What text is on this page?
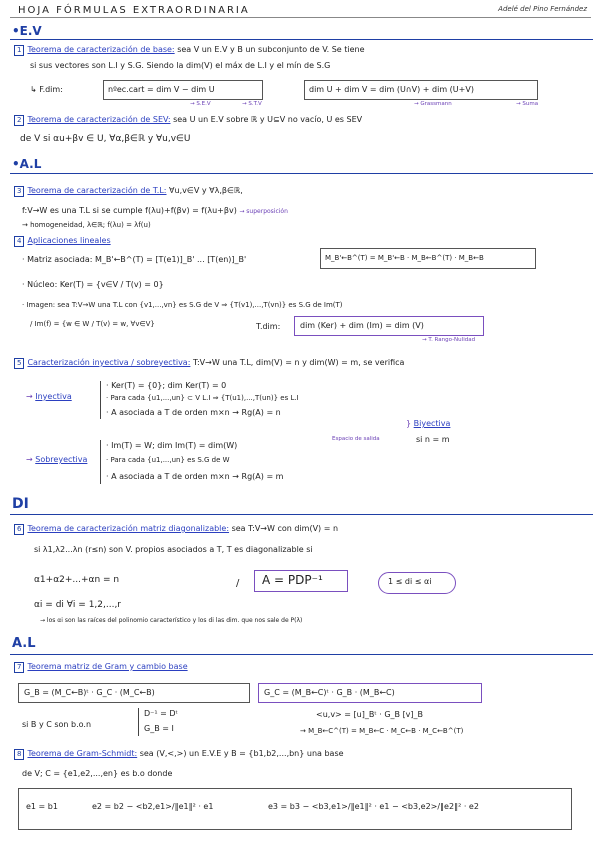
HOJA FÓRMULAS EXTRAORDINARIA	Adelé del Pino Fernández
•E.V
1 Teorema de caracterización de base: sea V un E.V y B un subconjunto de V. Se tiene
si sus vectores son L.I y S.G. Siendo la dim(V) el máx de L.I y el mín de S.G
↳ F.dim:	nºec.cart = dim V − dim U
→ S.E.V	→ S.T.V
dim U + dim V = dim (U∩V) + dim (U+V)
→ Grassmann	→ Suma
2 Teorema de caracterización de SEV: sea U un E.V sobre ℝ y U⊆V no vacío, U es SEV
de V si αu+βv ∈ U, ∀α,β∈ℝ y ∀u,v∈U
•A.L
3 Teorema de caracterización de T.L: ∀u,v∈V y ∀λ,β∈ℝ,
f:V→W es una T.L si se cumple f(λu)+f(βv) = f(λu+βv) → superposición
→ homogeneidad, λ∈ℝ; f(λu) = λf(u)
4 Aplicaciones lineales
· Matriz asociada: M_B'←B^(T) = [T(e1)]_B' ... [T(en)]_B'	M_B'←B^(T) = M_B'←B · M_B←B^(T) · M_B←B
· Núcleo: Ker(T) = {v∈V / T(v) = 0}
· Imagen: sea T:V→W una T.L con {v1,...,vn} es S.G de V ⇒ {T(v1),...,T(vn)} es S.G de Im(T)
/ Im(f) = {w ∈ W / T(v) = w, ∀v∈V}	T.dim: dim (Ker) + dim (Im) = dim (V)
→ T. Rango-Nulidad
5 Caracterización inyectiva / sobreyectiva: T:V→W una T.L, dim(V) = n y dim(W) = m, se verifica
→ Inyectiva
· Ker(T) = {0}; dim Ker(T) = 0
· Para cada {u1,...,un} ⊂ V L.I ⇒ {T(u1),...,T(un)} es L.I
· A asociada a T de orden m×n → Rg(A) = n
} Biyectiva
si n = m
→ Sobreyectiva
· Im(T) = W; dim Im(T) = dim(W)
Espacio de salida
· Para cada {u1,...,un} es S.G de W
· A asociada a T de orden m×n → Rg(A) = m
DI
6 Teorema de caracterización matriz diagonalizable: sea T:V→W con dim(V) = n
si λ1,λ2...λn (r≤n) son V. propios asociados a T, T es diagonalizable si
α1+α2+...+αn = n
αi = di ∀i = 1,2,...,r
/ A = PDP⁻¹	1 ≤ di ≤ αi
→ los αi son las raíces del polinomio característico y los di las dim. que nos sale de P(λ)
A.L
7 Teorema matriz de Gram y cambio base
G_B = (M_C←B)ᵗ · G_C · (M_C←B)	G_C = (M_B←C)ᵗ · G_B · (M_B←C)
si B y C son b.o.n
D⁻¹ = Dᵗ
G_B = I
<u,v> = [u]_Bᵗ · G_B [v]_B
→ M_B←C^(T) = M_B←C · M_C←B · M_C←B^(T)
8 Teorema de Gram-Schmidt: sea (V,<,>) un E.V.E y B = {b1,b2,...,bn} una base
de V; C = {e1,e2,...,en} es b.o donde
e1 = b1	e2 = b2 − <b2,e1>/‖e1‖² · e1	e3 = b3 − <b3,e1>/‖e1‖² · e1 − <b3,e2>/‖e2‖² · e2
